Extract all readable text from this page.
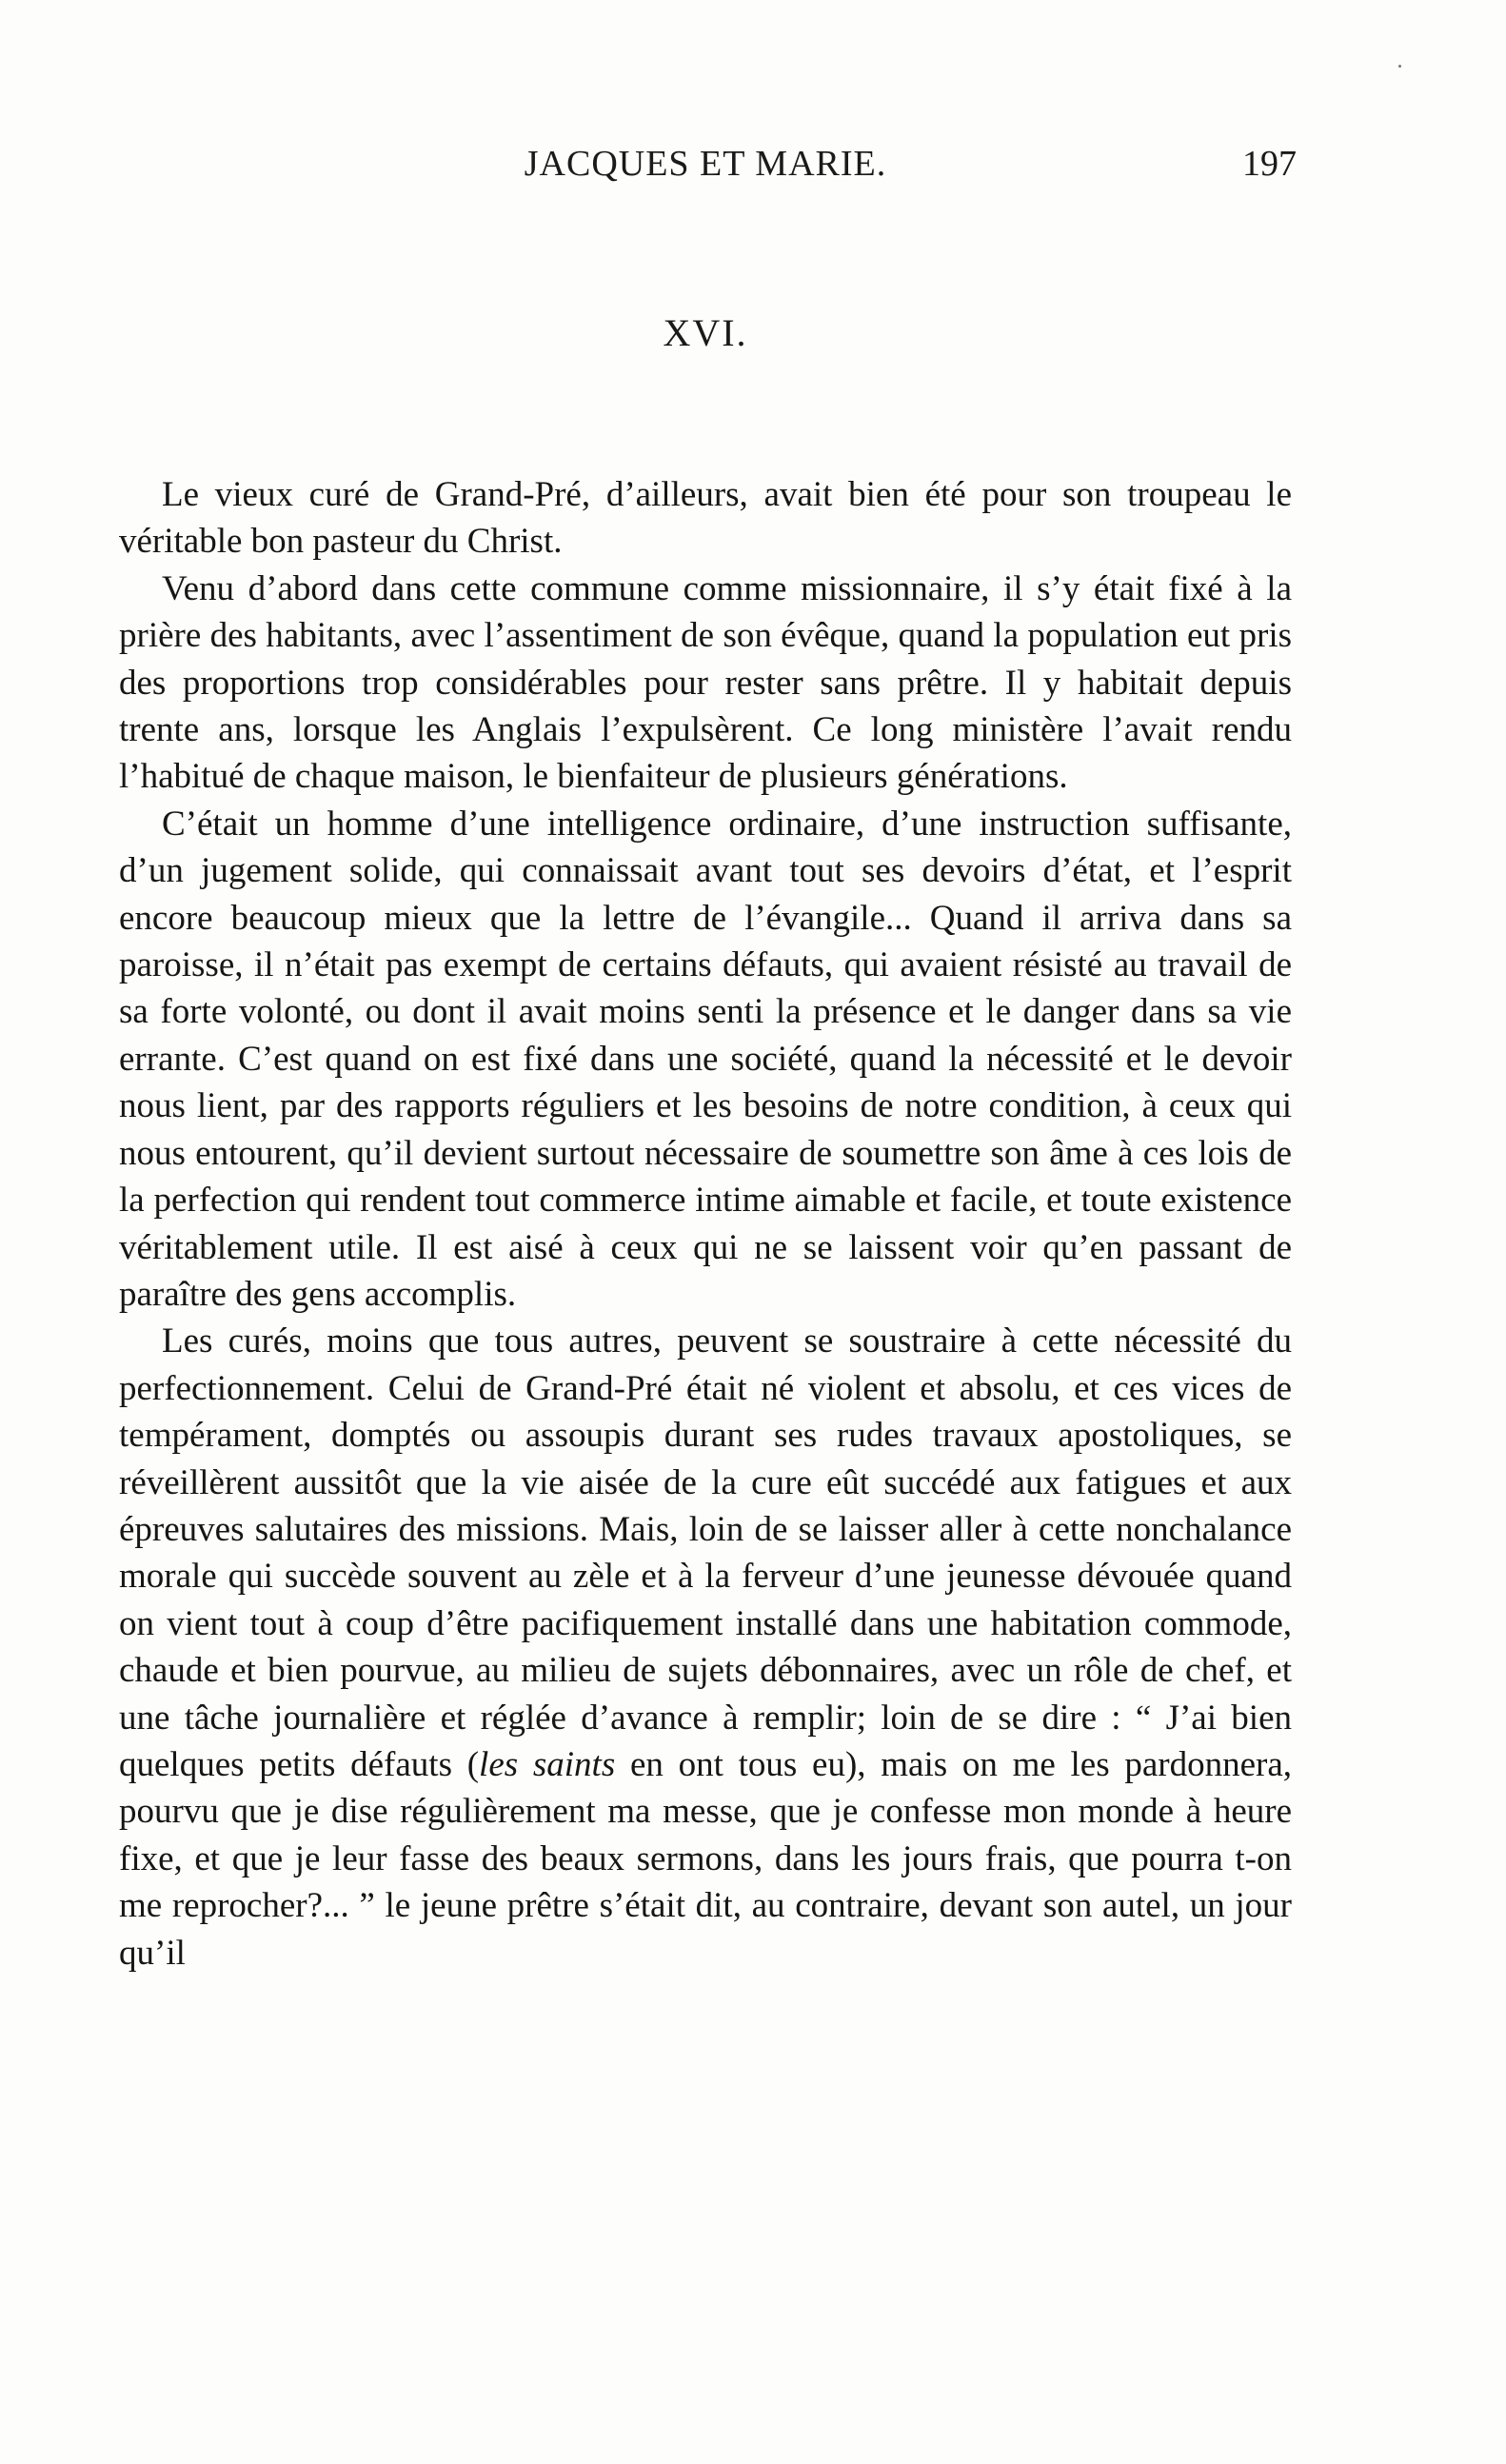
JACQUES ET MARIE.	197
XVI.

Le vieux curé de Grand-Pré, d’ailleurs, avait bien été pour son troupeau le véritable bon pasteur du Christ.

Venu d’abord dans cette commune comme missionnaire, il s’y était fixé à la prière des habitants, avec l’assentiment de son évêque, quand la population eut pris des proportions trop considérables pour rester sans prêtre. Il y habitait depuis trente ans, lorsque les Anglais l’expulsèrent. Ce long ministère l’avait rendu l’habitué de chaque maison, le bienfaiteur de plusieurs générations.

C’était un homme d’une intelligence ordinaire, d’une instruction suffisante, d’un jugement solide, qui connaissait avant tout ses devoirs d’état, et l’esprit encore beaucoup mieux que la lettre de l’évangile... Quand il arriva dans sa paroisse, il n’était pas exempt de certains défauts, qui avaient résisté au travail de sa forte volonté, ou dont il avait moins senti la présence et le danger dans sa vie errante. C’est quand on est fixé dans une société, quand la nécessité et le devoir nous lient, par des rapports réguliers et les besoins de notre condition, à ceux qui nous entourent, qu’il devient surtout nécessaire de soumettre son âme à ces lois de la perfection qui rendent tout commerce intime aimable et facile, et toute existence véritablement utile. Il est aisé à ceux qui ne se laissent voir qu’en passant de paraître des gens accomplis.

Les curés, moins que tous autres, peuvent se soustraire à cette nécessité du perfectionnement. Celui de Grand-Pré était né violent et absolu, et ces vices de tempérament, domptés ou assoupis durant ses rudes travaux apostoliques, se réveillèrent aussitôt que la vie aisée de la cure eût succédé aux fatigues et aux épreuves salutaires des missions. Mais, loin de se laisser aller à cette nonchalance morale qui succède souvent au zèle et à la ferveur d’une jeunesse dévouée quand on vient tout à coup d’être pacifiquement installé dans une habitation commode, chaude et bien pourvue, au milieu de sujets débonnaires, avec un rôle de chef, et une tâche journalière et réglée d’avance à remplir; loin de se dire : “ J’ai bien quelques petits défauts (les saints en ont tous eu), mais on me les pardonnera, pourvu que je dise régulièrement ma messe, que je confesse mon monde à heure fixe, et que je leur fasse des beaux sermons, dans les jours frais, que pourra t-on me reprocher?... ” le jeune prêtre s’était dit, au contraire, devant son autel, un jour qu’il
